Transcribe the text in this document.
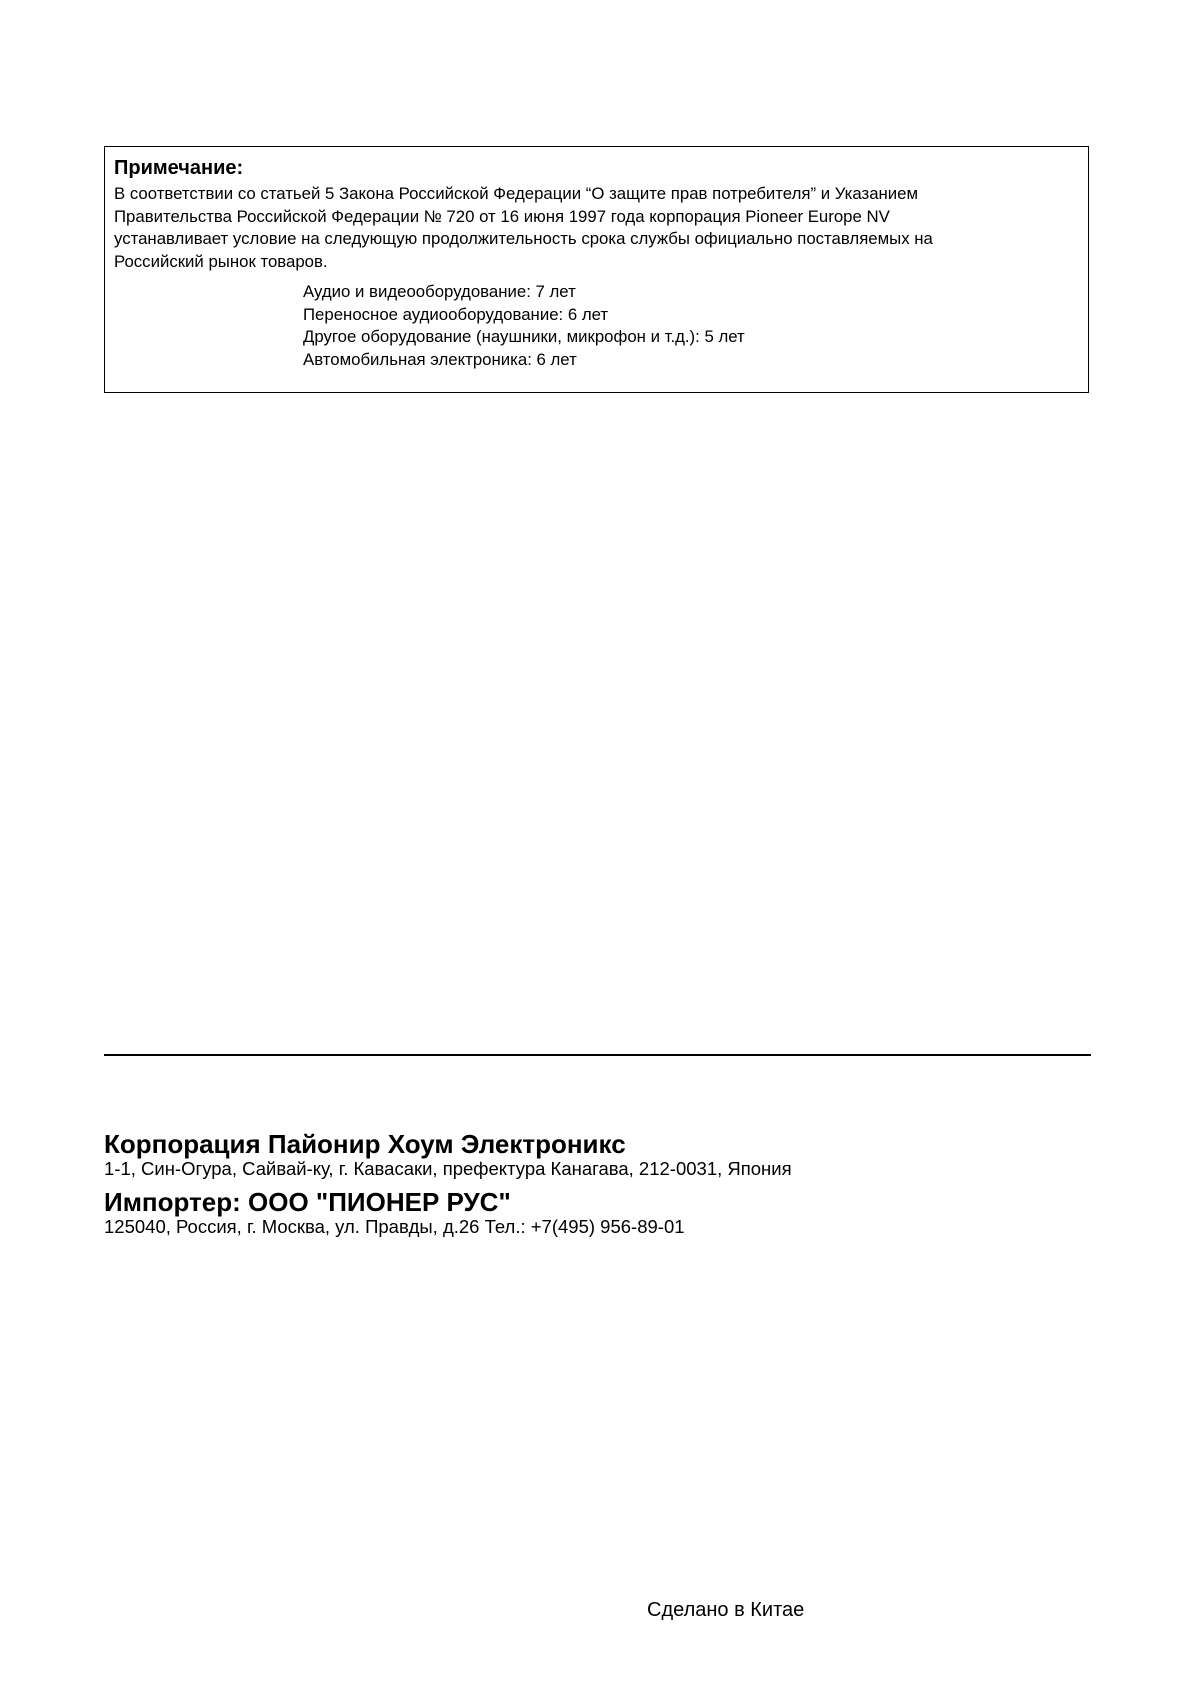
Примечание:
В соответствии со статьей 5 Закона Российской Федерации “О защите прав потребителя” и Указанием
Правительства Российской Федерации № 720 от 16 июня 1997 года корпорация Pioneer Europe NV
устанавливает условие на следующую продолжительность срока службы официально поставляемых на
Российский рынок товаров.
Аудио и видеооборудование: 7 лет
Переносное аудиооборудование: 6 лет
Другое оборудование (наушники, микрофон и т.д.): 5 лет
Автомобильная электроника: 6 лет
Корпорация Пайонир Хоум Электроникс
1-1, Син-Огура, Сайвай-ку, г. Кавасаки, префектура Канагава, 212-0031, Япония
Импортер: ООО "ПИОНЕР РУС"
125040, Россия, г. Москва, ул. Правды, д.26 Тел.: +7(495) 956-89-01
Сделано в Китае
